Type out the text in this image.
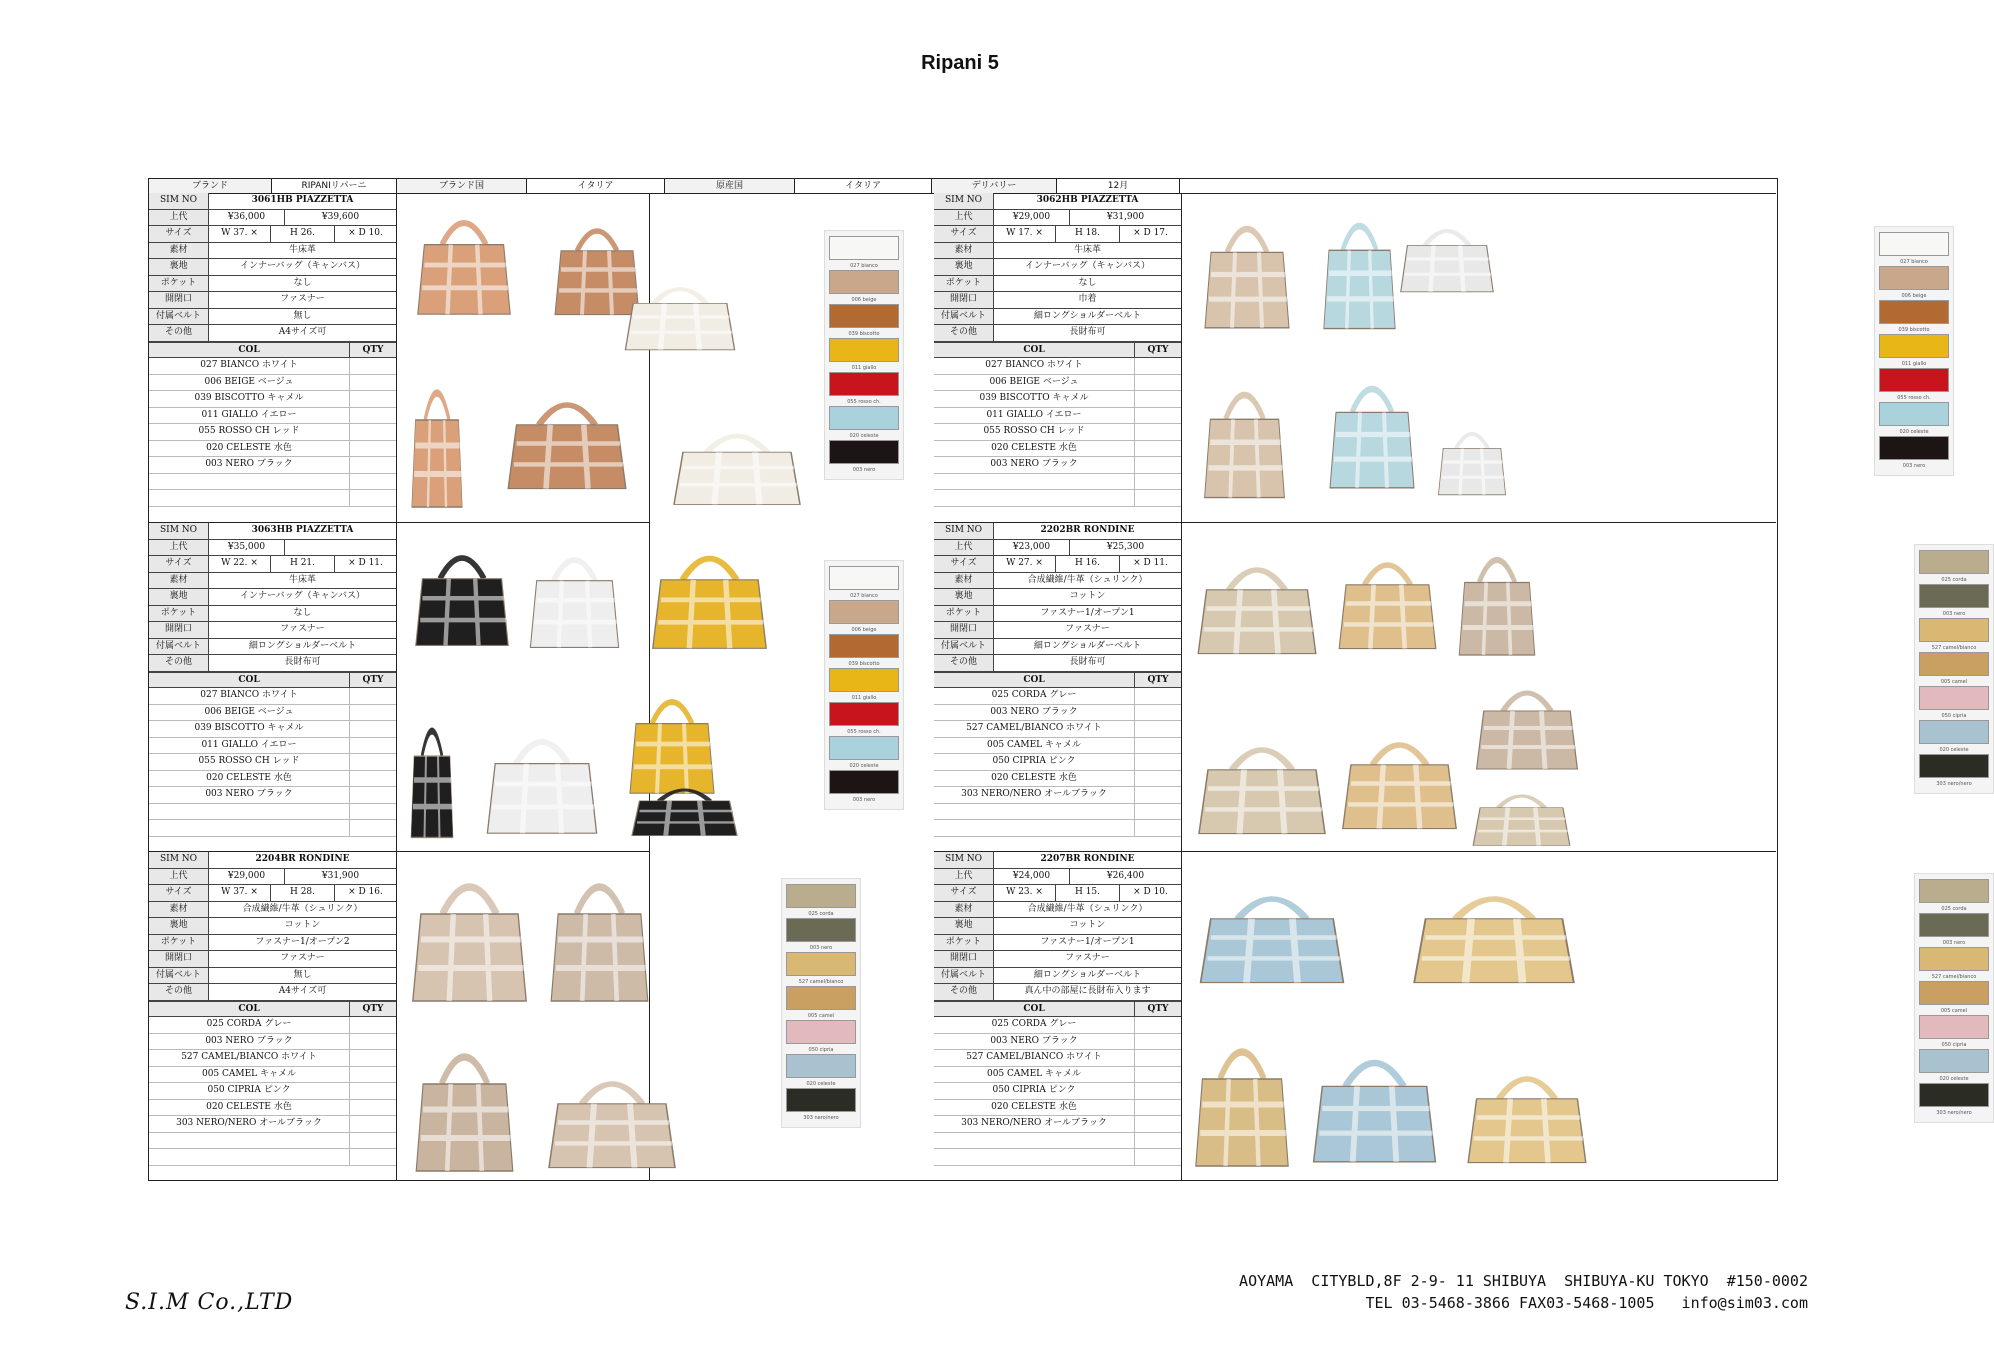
Ripani 5
ブランド	RIPANIリパーニ	ブランド国	イタリア	原産国	イタリア	デリバリー	12月
SIM NO	3061HB PIAZZETTA
上代	¥36,000	¥39,600
サイズ	W 37. ×	H 26.	× D 10.
素材	牛床革
裏地	インナーバッグ（キャンバス）
ポケット	なし
開閉口	ファスナー
付属ベルト	無し
その他	A4サイズ可
COL	QTY
027 BIANCO ホワイト
006 BEIGE ベージュ
039 BISCOTTO キャメル
011 GIALLO イエロー
055 ROSSO CH レッド
020 CELESTE 水色
003 NERO ブラック
027 bianco
006 beige
039 biscotto
011 giallo
055 rosso ch.
020 celeste
003 nero
SIM NO	3062HB PIAZZETTA
上代	¥29,000	¥31,900
サイズ	W 17. ×	H 18.	× D 17.
素材	牛床革
裏地	インナーバッグ（キャンバス）
ポケット	なし
開閉口	巾着
付属ベルト	細ロングショルダーベルト
その他	長財布可
COL	QTY
027 BIANCO ホワイト
006 BEIGE ベージュ
039 BISCOTTO キャメル
011 GIALLO イエロー
055 ROSSO CH レッド
020 CELESTE 水色
003 NERO ブラック
027 bianco
006 beige
039 biscotto
011 giallo
055 rosso ch.
020 celeste
003 nero
SIM NO	3063HB PIAZZETTA
上代	¥35,000
サイズ	W 22. ×	H 21.	× D 11.
素材	牛床革
裏地	インナーバッグ（キャンバス）
ポケット	なし
開閉口	ファスナー
付属ベルト	細ロングショルダーベルト
その他	長財布可
COL	QTY
027 BIANCO ホワイト
006 BEIGE ベージュ
039 BISCOTTO キャメル
011 GIALLO イエロー
055 ROSSO CH レッド
020 CELESTE 水色
003 NERO ブラック
027 bianco
006 beige
039 biscotto
011 giallo
055 rosso ch.
020 celeste
003 nero
SIM NO	2202BR RONDINE
上代	¥23,000	¥25,300
サイズ	W 27. ×	H 16.	× D 11.
素材	合成繊維/牛革（シュリンク）
裏地	コットン
ポケット	ファスナー1/オープン1
開閉口	ファスナー
付属ベルト	細ロングショルダーベルト
その他	長財布可
COL	QTY
025 CORDA グレー
003 NERO ブラック
527 CAMEL/BIANCO ホワイト
005 CAMEL キャメル
050 CIPRIA ピンク
020 CELESTE 水色
303 NERO/NERO オールブラック
025 corda
003 nero
527 camel/bianco
005 camel
050 cipria
020 celeste
303 nero/nero
SIM NO	2204BR RONDINE
上代	¥29,000	¥31,900
サイズ	W 37. ×	H 28.	× D 16.
素材	合成繊維/牛革（シュリンク）
裏地	コットン
ポケット	ファスナー1/オープン2
開閉口	ファスナー
付属ベルト	無し
その他	A4サイズ可
COL	QTY
025 CORDA グレー
003 NERO ブラック
527 CAMEL/BIANCO ホワイト
005 CAMEL キャメル
050 CIPRIA ピンク
020 CELESTE 水色
303 NERO/NERO オールブラック
025 corda
003 nero
527 camel/bianco
005 camel
050 cipria
020 celeste
303 nero/nero
SIM NO	2207BR RONDINE
上代	¥24,000	¥26,400
サイズ	W 23. ×	H 15.	× D 10.
素材	合成繊維/牛革（シュリンク）
裏地	コットン
ポケット	ファスナー1/オープン1
開閉口	ファスナー
付属ベルト	細ロングショルダーベルト
その他	真ん中の部屋に長財布入ります
COL	QTY
025 CORDA グレー
003 NERO ブラック
527 CAMEL/BIANCO ホワイト
005 CAMEL キャメル
050 CIPRIA ピンク
020 CELESTE 水色
303 NERO/NERO オールブラック
025 corda
003 nero
527 camel/bianco
005 camel
050 cipria
020 celeste
303 nero/nero
S.I.M Co.,LTD
AOYAMA  CITYBLD,8F 2-9- 11 SHIBUYA  SHIBUYA-KU TOKYO  #150-0002
TEL 03-5468-3866 FAX03-5468-1005   info@sim03.com
